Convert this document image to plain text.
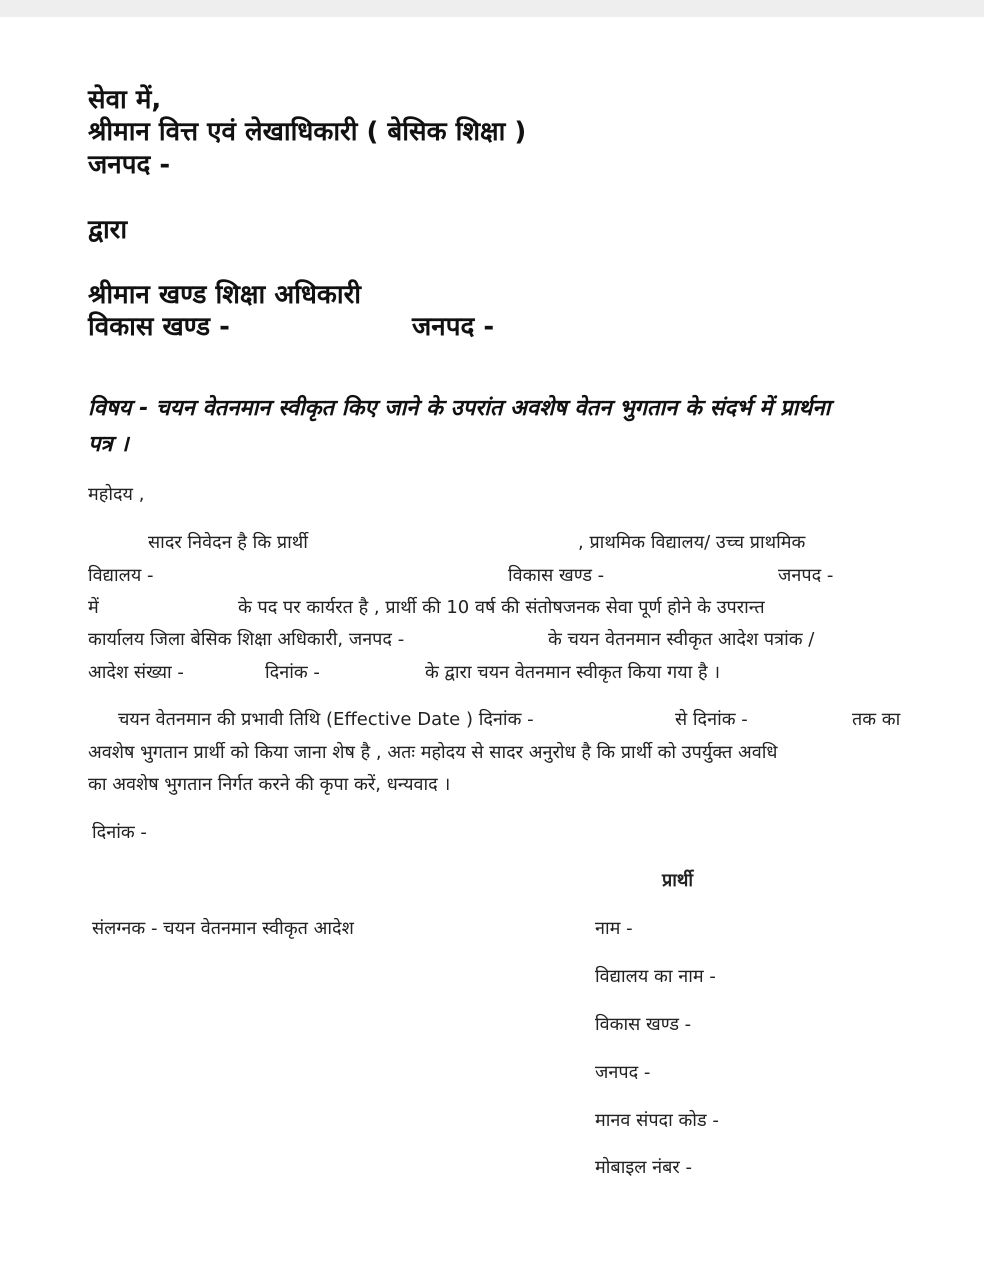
सेवा में,
श्रीमान वित्त एवं लेखाधिकारी ( बेसिक शिक्षा )
जनपद -
द्वारा
श्रीमान खण्ड शिक्षा अधिकारी
विकास खण्ड -	जनपद -
विषय - चयन वेतनमान स्वीकृत किए जाने के उपरांत अवशेष वेतन भुगतान के संदर्भ में प्रार्थना
पत्र ।
महोदय ,
सादर निवेदन है कि प्रार्थी	, प्राथमिक विद्यालय/ उच्च प्राथमिक
विद्यालय -	विकास खण्ड -	जनपद -
में	के पद पर कार्यरत है , प्रार्थी की 10 वर्ष की संतोषजनक सेवा पूर्ण होने के उपरान्त
कार्यालय जिला बेसिक शिक्षा अधिकारी, जनपद -	के चयन वेतनमान स्वीकृत आदेश पत्रांक /
आदेश संख्या -	दिनांक -	के द्वारा चयन वेतनमान स्वीकृत किया गया है ।
चयन वेतनमान की प्रभावी तिथि (Effective Date ) दिनांक -	से दिनांक -	तक का
अवशेष भुगतान प्रार्थी को किया जाना शेष है , अतः महोदय से सादर अनुरोध है कि प्रार्थी को उपर्युक्त अवधि
का अवशेष भुगतान निर्गत करने की कृपा करें, धन्यवाद ।
दिनांक -
प्रार्थी
संलग्नक - चयन वेतनमान स्वीकृत आदेश	नाम -
विद्यालय का नाम -
विकास खण्ड -
जनपद -
मानव संपदा कोड -
मोबाइल नंबर -
